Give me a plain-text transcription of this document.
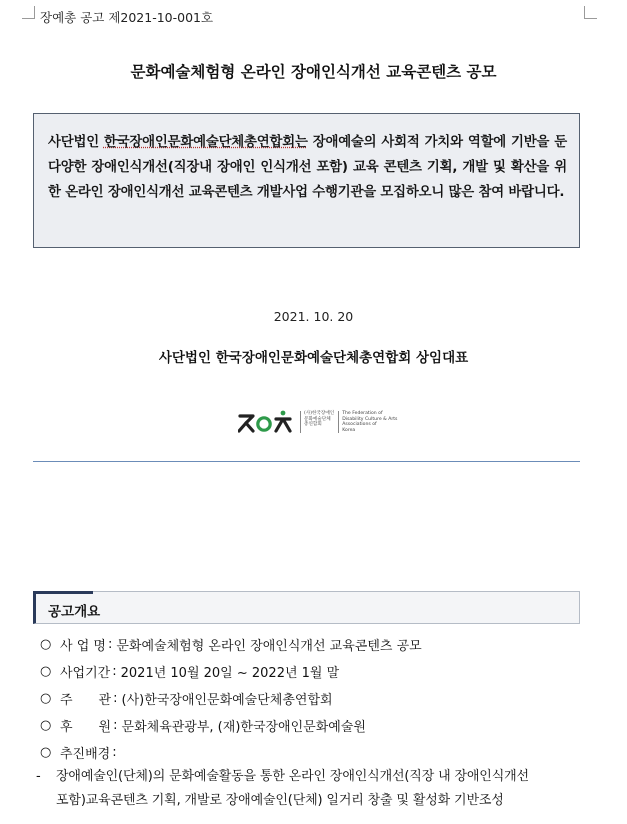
장예총 공고 제2021-10-001호
문화예술체험형 온라인 장애인식개선 교육콘텐츠 공모

사단법인 한국장애인문화예술단체총연합회는 장애예술의 사회적 가치와 역할에 기반을 둔 다양한 장애인식개선(직장내 장애인 인식개선 포함) 교육 콘텐츠 기획, 개발 및 확산을 위한 온라인 장애인식개선 교육콘텐츠 개발사업 수행기관을 모집하오니 많은 참여 바랍니다.

2021. 10. 20
사단법인 한국장애인문화예술단체총연합회 상임대표
(사)한국장애인
문화예술단체
총연합회
The Federation of
Disability Culture & Arts
Associations of
Korea
공고개요
○ 사 업 명 : 문화예술체험형 온라인 장애인식개선 교육콘텐츠 공모
○ 사업기간 : 2021년 10월 20일 ~ 2022년 1월 말
○ 주　　관 : (사)한국장애인문화예술단체총연합회
○ 후　　원 : 문화체육관광부, (재)한국장애인문화예술원
○ 추진배경 :
-	장애예술인(단체)의 문화예술활동을 통한 온라인 장애인식개선(직장 내 장애인식개선
포함)교육콘텐츠 기획, 개발로 장애예술인(단체) 일거리 창출 및 활성화 기반조성
